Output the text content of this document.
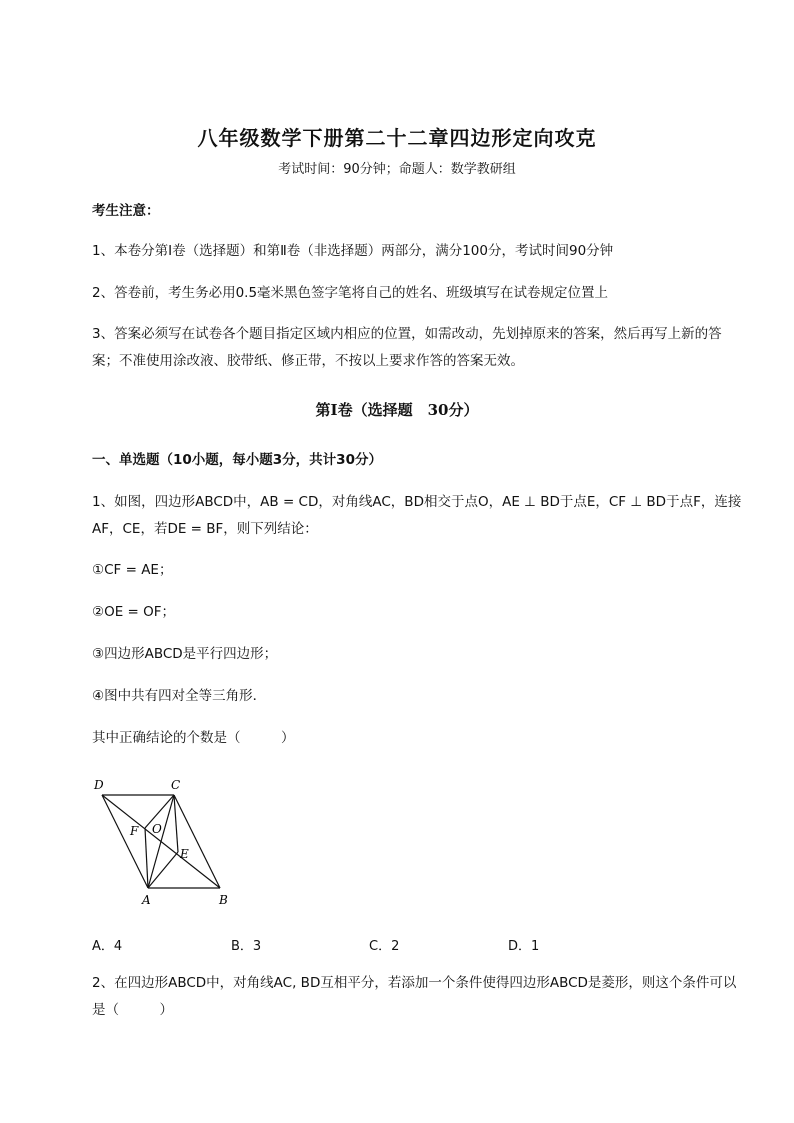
八年级数学下册第二十二章四边形定向攻克
考试时间：90分钟；命题人：数学教研组
考生注意：
1、本卷分第Ⅰ卷（选择题）和第Ⅱ卷（非选择题）两部分，满分100分，考试时间90分钟
2、答卷前，考生务必用0.5毫米黑色签字笔将自己的姓名、班级填写在试卷规定位置上
3、答案必须写在试卷各个题目指定区域内相应的位置，如需改动，先划掉原来的答案，然后再写上新的答案；不准使用涂改液、胶带纸、修正带，不按以上要求作答的答案无效。
第Ⅰ卷（选择题　30分）
一、单选题（10小题，每小题3分，共计30分）
1、如图，四边形ABCD中，AB = CD，对角线AC，BD相交于点O，AE ⊥ BD于点E，CF ⊥ BD于点F，连接AF，CE，若DE = BF，则下列结论：
①CF = AE；
②OE = OF；
③四边形ABCD是平行四边形；
④图中共有四对全等三角形．
其中正确结论的个数是（　　　）
D	C
A	B
F O
E
A．4	B．3	C．2	D．1
2、在四边形ABCD中，对角线AC, BD互相平分，若添加一个条件使得四边形ABCD是菱形，则这个条件可以是（　　　）
